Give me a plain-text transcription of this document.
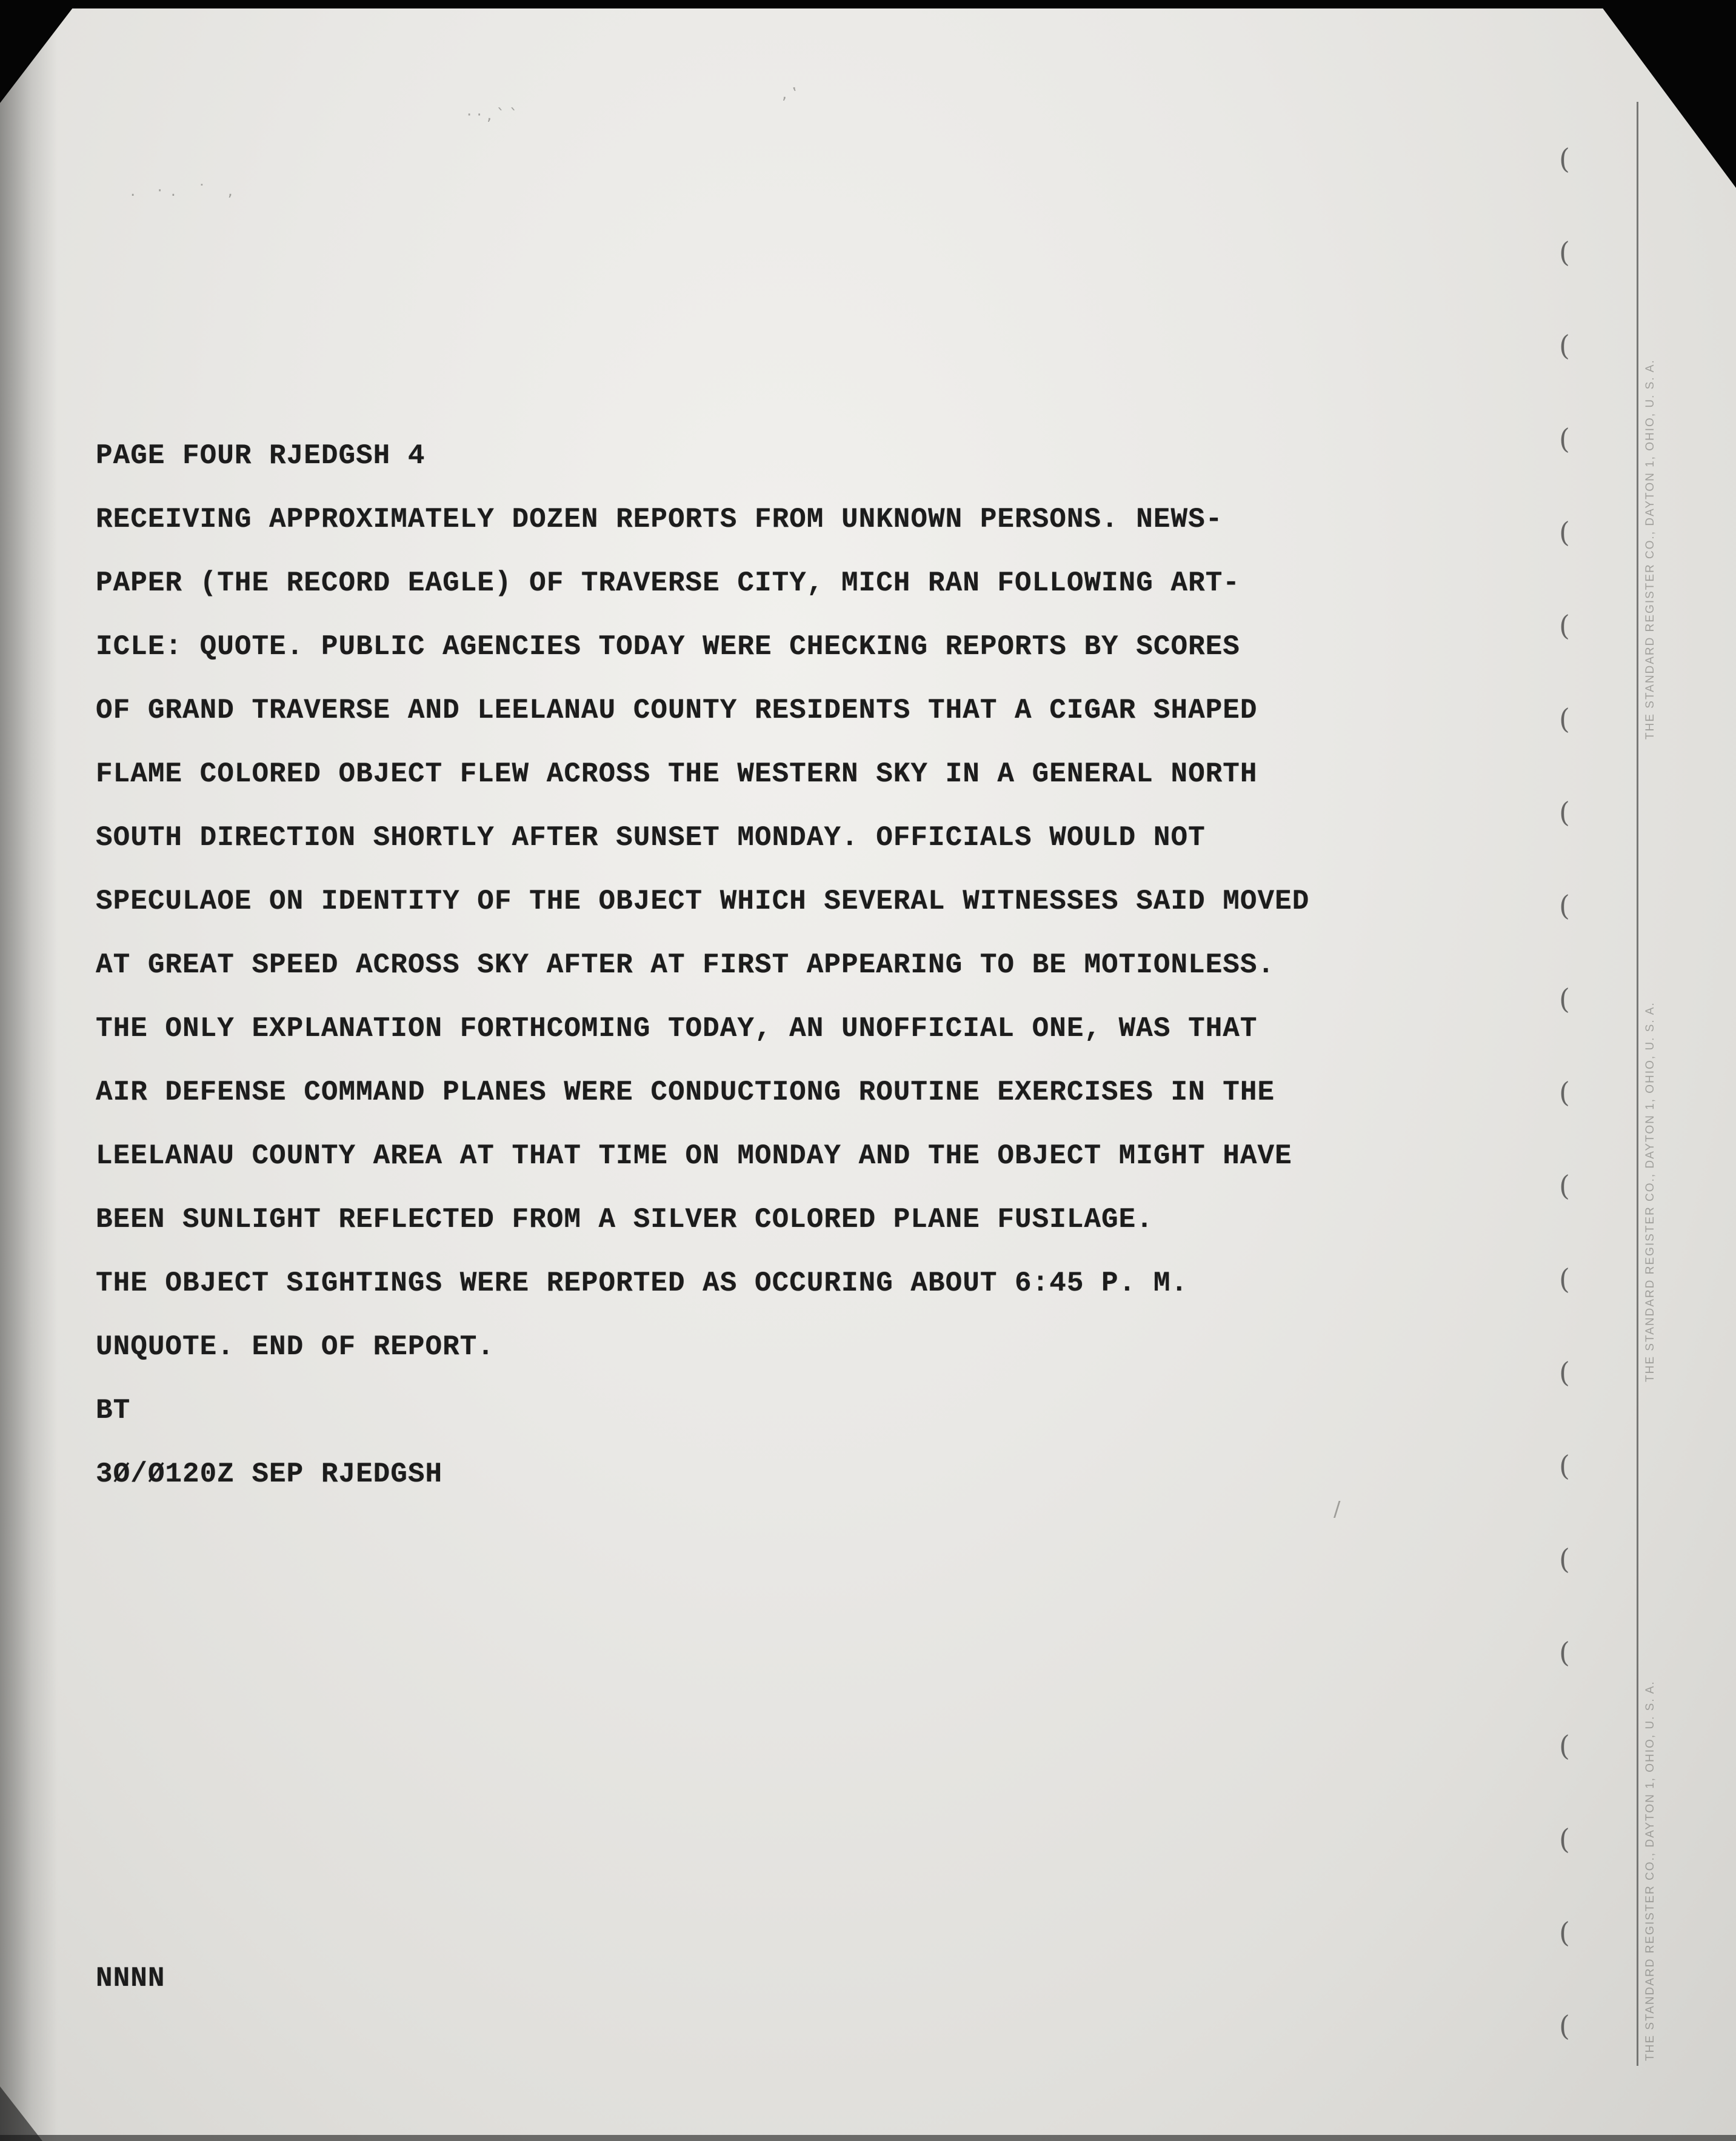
· · , ` `
. ·. ˙ ,
, ‛
/
PAGE FOUR RJEDGSH 4
RECEIVING APPROXIMATELY DOZEN REPORTS FROM UNKNOWN PERSONS. NEWS-
PAPER (THE RECORD EAGLE) OF TRAVERSE CITY, MICH RAN FOLLOWING ART-
ICLE: QUOTE. PUBLIC AGENCIES TODAY WERE CHECKING REPORTS BY SCORES
OF GRAND TRAVERSE AND LEELANAU COUNTY RESIDENTS THAT A CIGAR SHAPED
FLAME COLORED OBJECT FLEW ACROSS THE WESTERN SKY IN A GENERAL NORTH
SOUTH DIRECTION SHORTLY AFTER SUNSET MONDAY. OFFICIALS WOULD NOT
SPECULAOE ON IDENTITY OF THE OBJECT WHICH SEVERAL WITNESSES SAID MOVED
AT GREAT SPEED ACROSS SKY AFTER AT FIRST APPEARING TO BE MOTIONLESS.
THE ONLY EXPLANATION FORTHCOMING TODAY, AN UNOFFICIAL ONE, WAS THAT
AIR DEFENSE COMMAND PLANES WERE CONDUCTIONG ROUTINE EXERCISES IN THE
LEELANAU COUNTY AREA AT THAT TIME ON MONDAY AND THE OBJECT MIGHT HAVE
BEEN SUNLIGHT REFLECTED FROM A SILVER COLORED PLANE FUSILAGE.
THE OBJECT SIGHTINGS WERE REPORTED AS OCCURING ABOUT 6:45 P. M.
UNQUOTE. END OF REPORT.
BT
3Ø/Ø120Z SEP RJEDGSH
NNNN
(
(
(
(
(
(
(
(
(
(
(
(
(
(
(
(
(
(
(
(
(
THE STANDARD REGISTER CO., DAYTON 1, OHIO, U. S. A.
THE STANDARD REGISTER CO., DAYTON 1, OHIO, U. S. A.
THE STANDARD REGISTER CO., DAYTON 1, OHIO, U. S. A.
